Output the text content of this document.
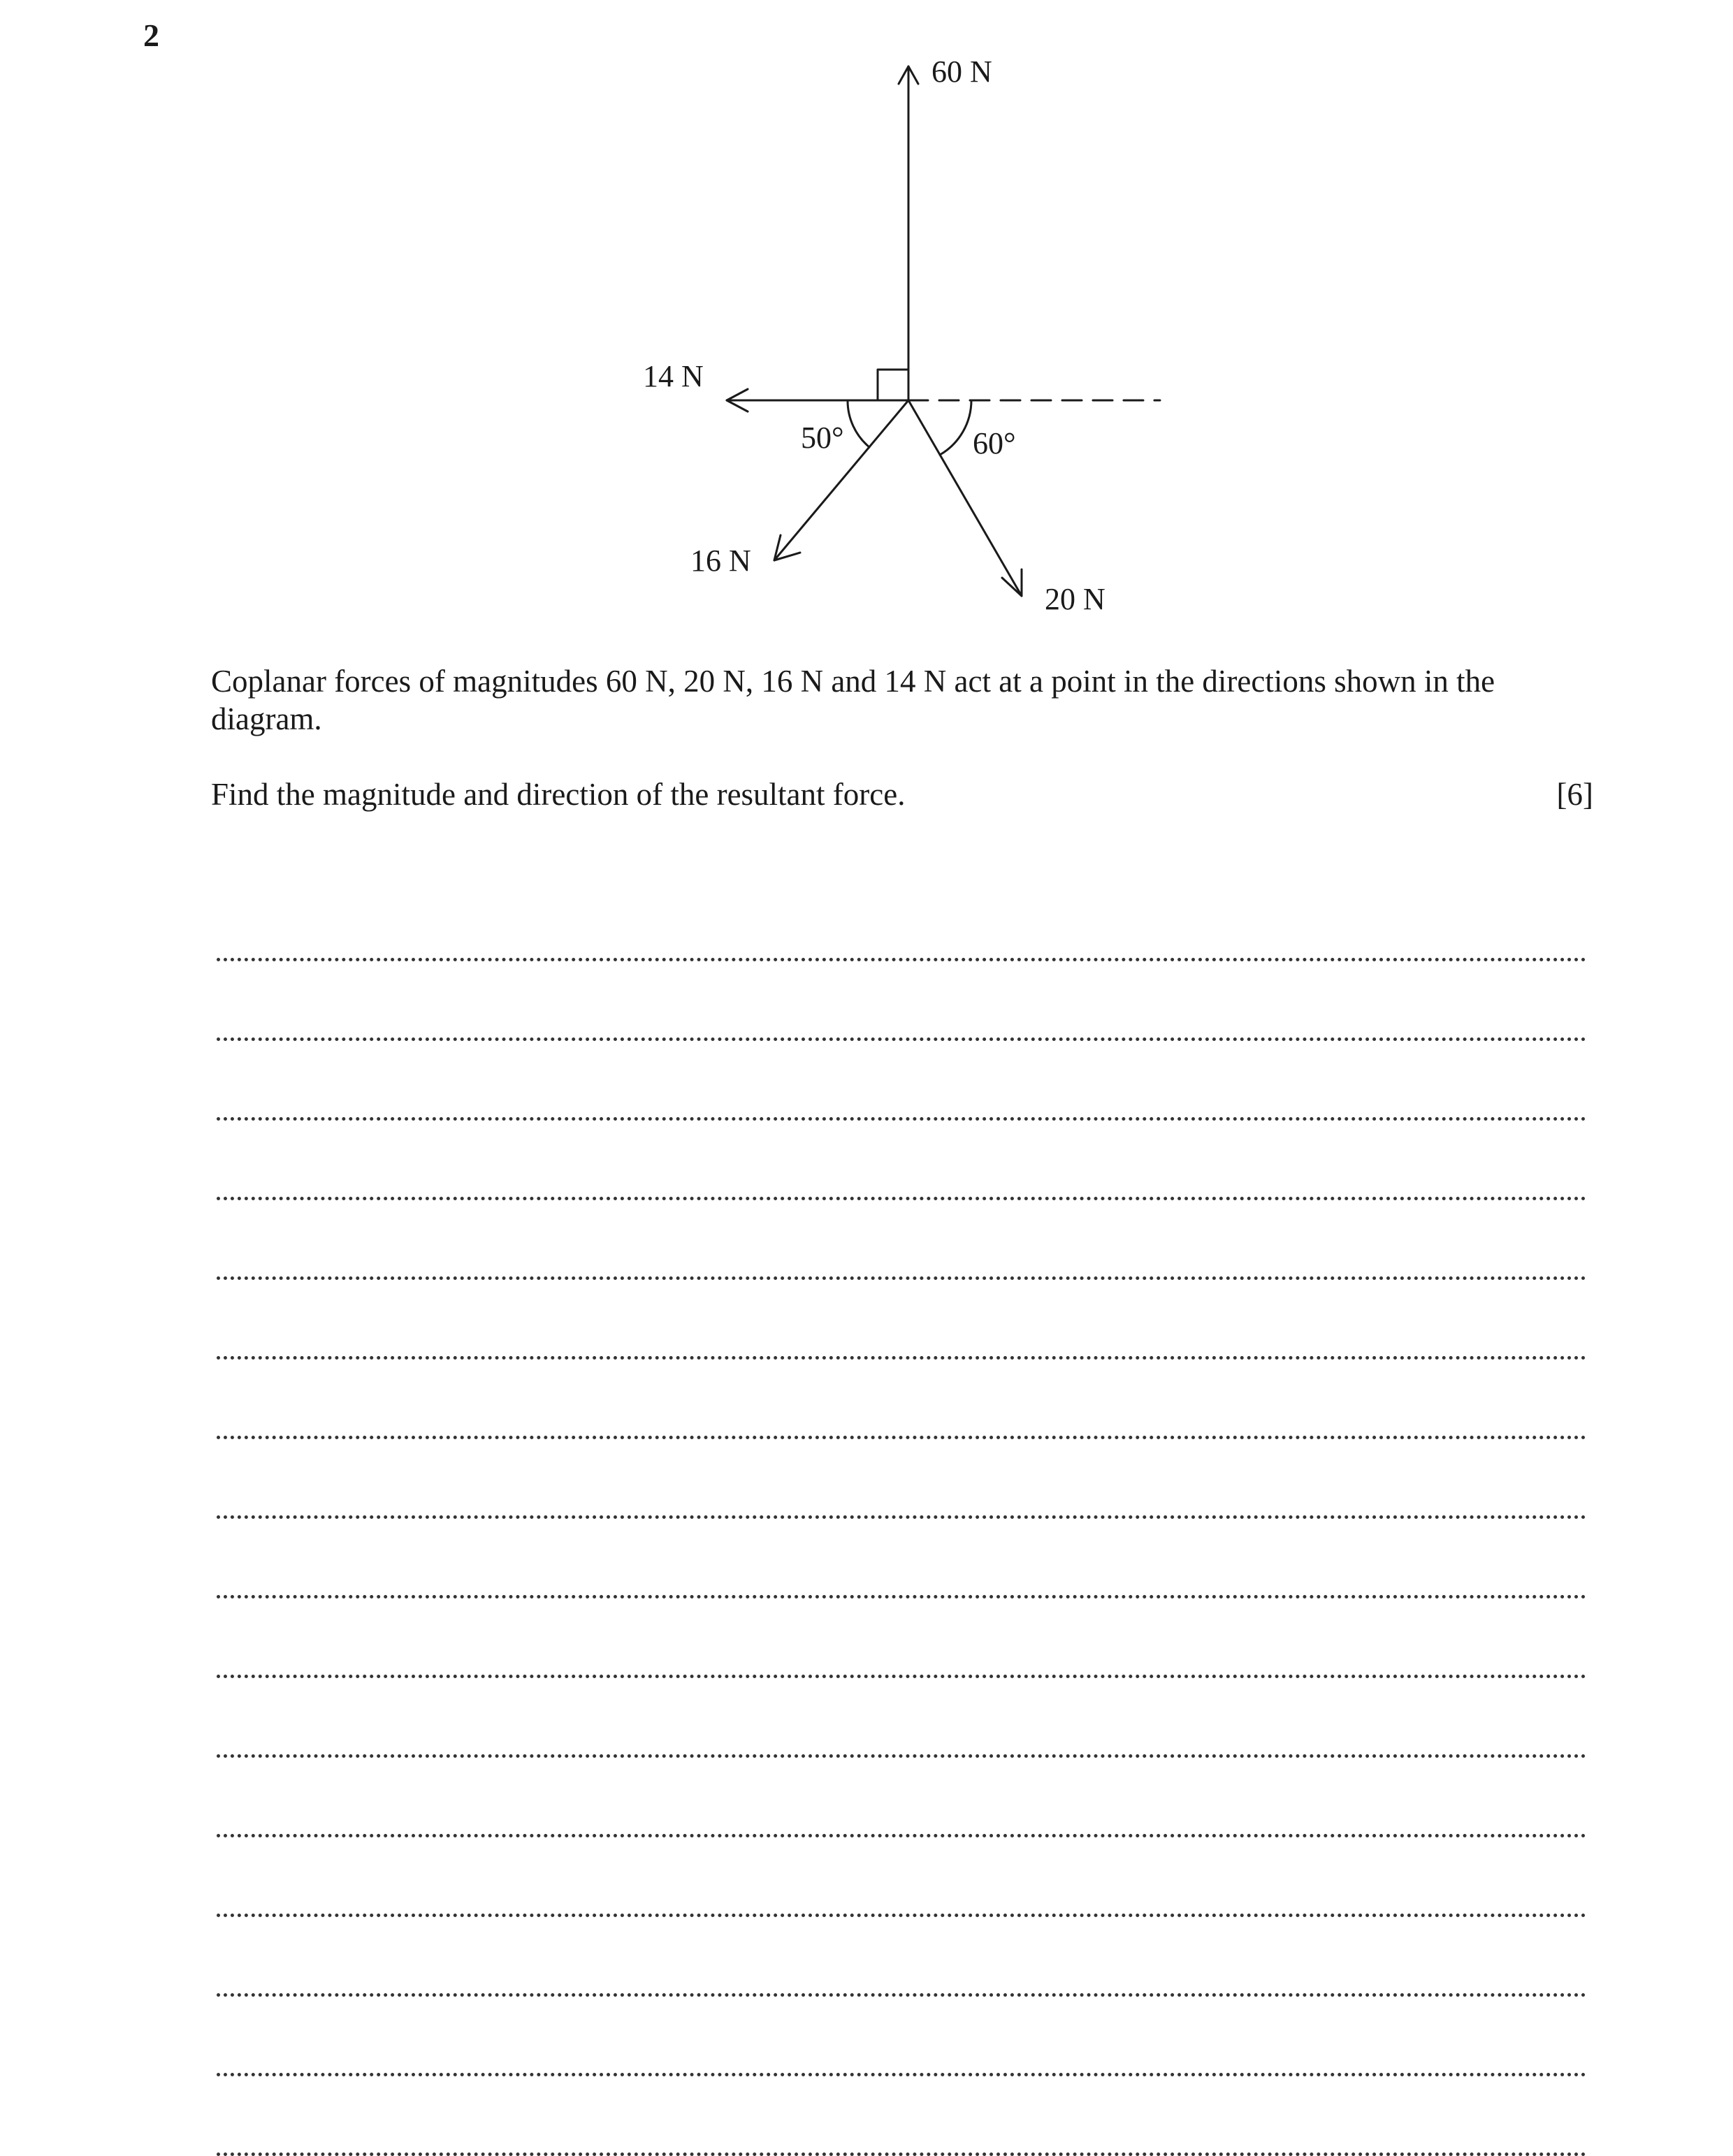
2
60 N
14 N
16 N
20 N
50°	60°

Coplanar forces of magnitudes 60 N, 20 N, 16 N and 14 N act at a point in the directions shown in the diagram.

Find the magnitude and direction of the resultant force.	[6]
